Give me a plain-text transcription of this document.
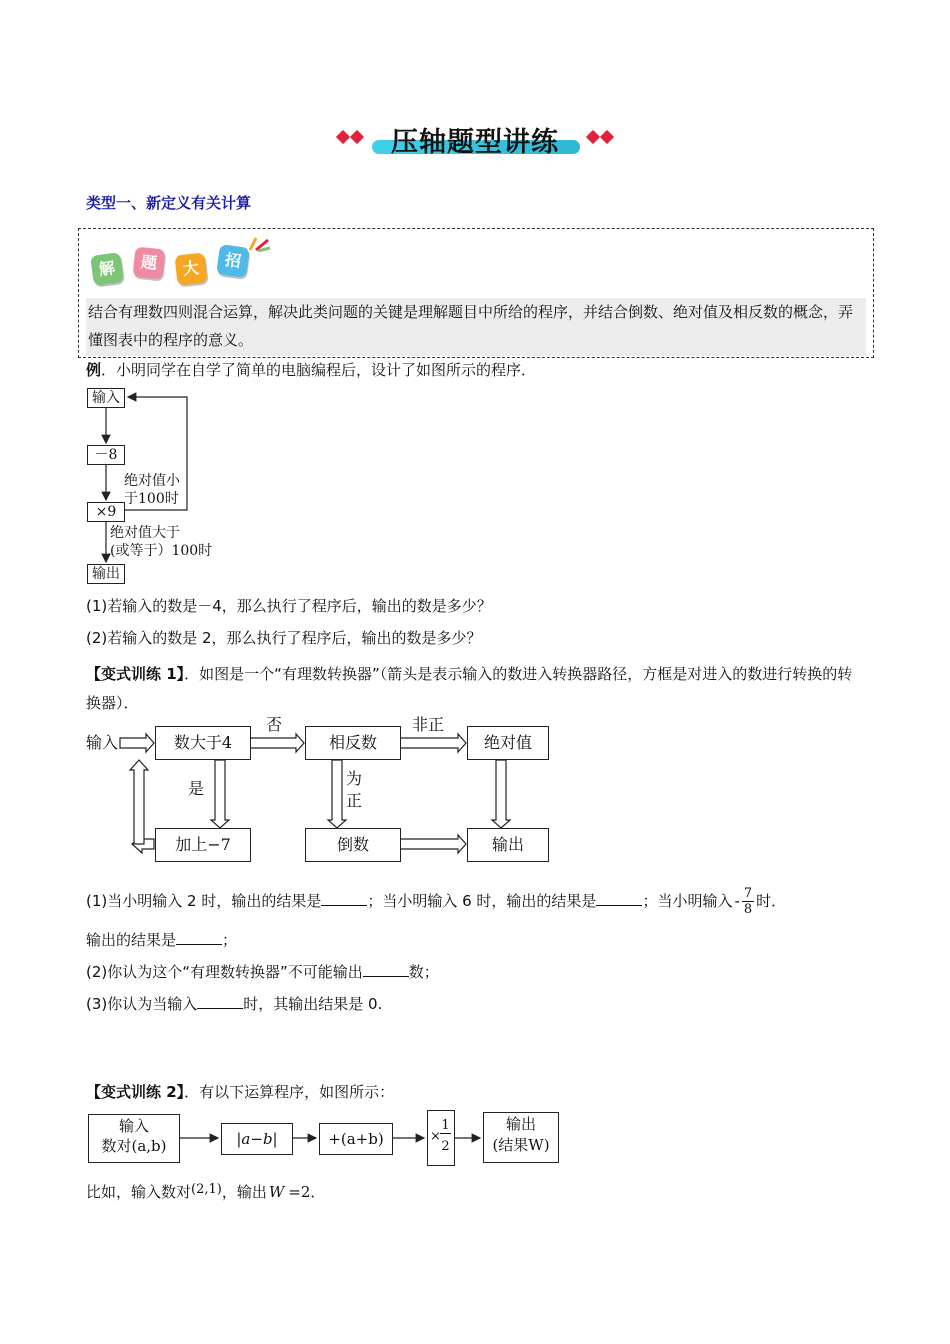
压轴题型讲练
类型一、新定义有关计算
解	题	大	招
结合有理数四则混合运算，解决此类问题的关键是理解题目中所给的程序，并结合倒数、绝对值及相反数的概念，弄懂图表中的程序的意义。
例．小明同学在自学了简单的电脑编程后，设计了如图所示的程序．
输入
－8
×9
输出
绝对值小
于100时
绝对值大于
(或等于）100时
(1)若输入的数是－4，那么执行了程序后，输出的数是多少？
(2)若输入的数是 2，那么执行了程序后，输出的数是多少？
【变式训练 1】．如图是一个“有理数转换器”（箭头是表示输入的数进入转换器路径，方框是对进入的数进行转换的转换器）．
输入	数大于4
否
相反数
非正
绝对值
是
为
正
加上−7	倒数	输出
(1)当小明输入 2 时，输出的结果是	；当小明输入 6 时，输出的结果是	；当小明输入 - $\frac{7}{8}$ 时．
输出的结果是	；
(2)你认为这个“有理数转换器”不可能输出	数；
(3)你认为当输入	时，其输出结果是 0.
【变式训练 2】．有以下运算程序，如图所示：
输入
数对(a,b)	|a−b|	+(a+b)	×
1
2
输出
(结果W)
比如，输入数对(2,1)，输出 W =2．
